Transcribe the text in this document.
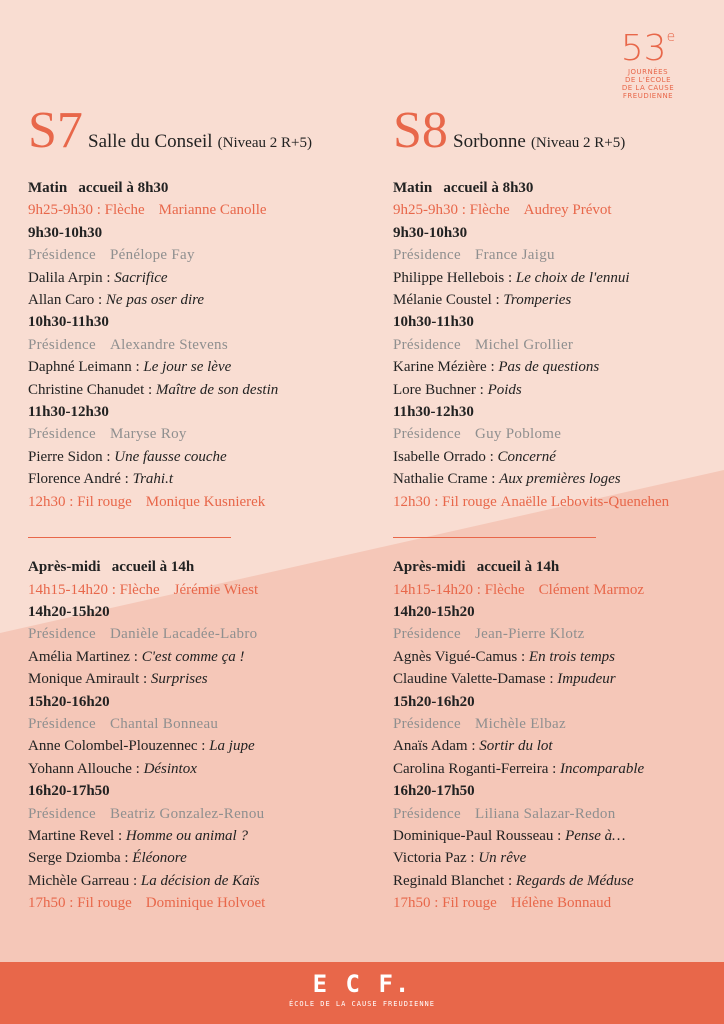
53e
JOURNÉES
DE L'ÉCOLE
DE LA CAUSE
FREUDIENNE
S7 Salle du Conseil (Niveau 2 R+5)
Matin accueil à 8h30
9h25-9h30 : Flèche Marianne Canolle
9h30-10h30
Présidence Pénélope Fay
Dalila Arpin : Sacrifice
Allan Caro : Ne pas oser dire
10h30-11h30
Présidence Alexandre Stevens
Daphné Leimann : Le jour se lève
Christine Chanudet : Maître de son destin
11h30-12h30
Présidence Maryse Roy
Pierre Sidon : Une fausse couche
Florence André : Trahi.t
12h30 : Fil rouge Monique Kusnierek
Après-midi accueil à 14h
14h15-14h20 : Flèche Jérémie Wiest
14h20-15h20
Présidence Danièle Lacadée-Labro
Amélia Martinez : C'est comme ça !
Monique Amirault : Surprises
15h20-16h20
Présidence Chantal Bonneau
Anne Colombel-Plouzennec : La jupe
Yohann Allouche : Désintox
16h20-17h50
Présidence Beatriz Gonzalez-Renou
Martine Revel : Homme ou animal ?
Serge Dziomba : Éléonore
Michèle Garreau : La décision de Kaïs
17h50 : Fil rouge Dominique Holvoet
S8 Sorbonne (Niveau 2 R+5)
Matin accueil à 8h30
9h25-9h30 : Flèche Audrey Prévot
9h30-10h30
Présidence France Jaigu
Philippe Hellebois : Le choix de l'ennui
Mélanie Coustel : Tromperies
10h30-11h30
Présidence Michel Grollier
Karine Mézière : Pas de questions
Lore Buchner : Poids
11h30-12h30
Présidence Guy Poblome
Isabelle Orrado : Concerné
Nathalie Crame : Aux premières loges
12h30 : Fil rouge Anaëlle Lebovits-Quenehen
Après-midi accueil à 14h
14h15-14h20 : Flèche Clément Marmoz
14h20-15h20
Présidence Jean-Pierre Klotz
Agnès Vigué-Camus : En trois temps
Claudine Valette-Damase : Impudeur
15h20-16h20
Présidence Michèle Elbaz
Anaïs Adam : Sortir du lot
Carolina Roganti-Ferreira : Incomparable
16h20-17h50
Présidence Liliana Salazar-Redon
Dominique-Paul Rousseau : Pense à…
Victoria Paz : Un rêve
Reginald Blanchet : Regards de Méduse
17h50 : Fil rouge Hélène Bonnaud
E C F.
ÉCOLE DE LA CAUSE FREUDIENNE
